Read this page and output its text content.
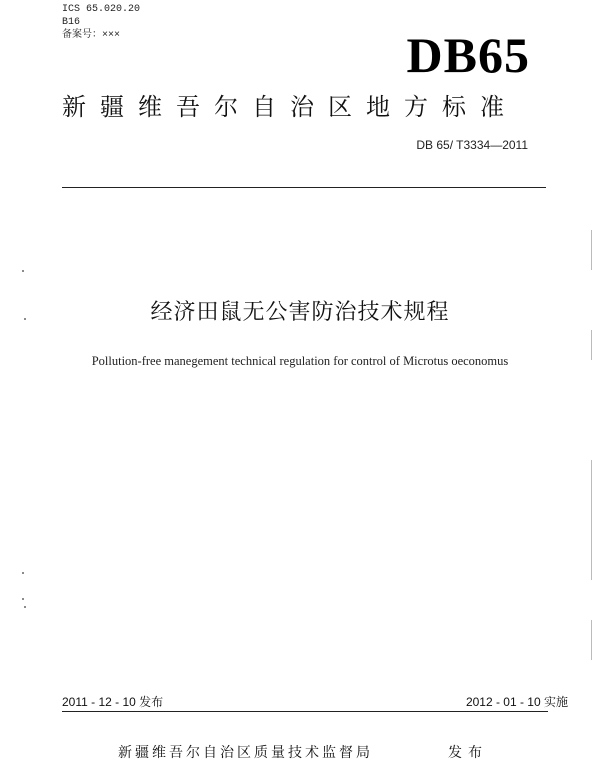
ICS 65.020.20
B16
备案号：×××	DB65
新疆维吾尔自治区地方标准
DB 65/ T3334—2011
经济田鼠无公害防治技术规程
Pollution-free manegement technical regulation for control of Microtus oeconomus
2011 - 12 - 10 发布	2012 - 01 - 10 实施
新疆维吾尔自治区质量技术监督局	发布
